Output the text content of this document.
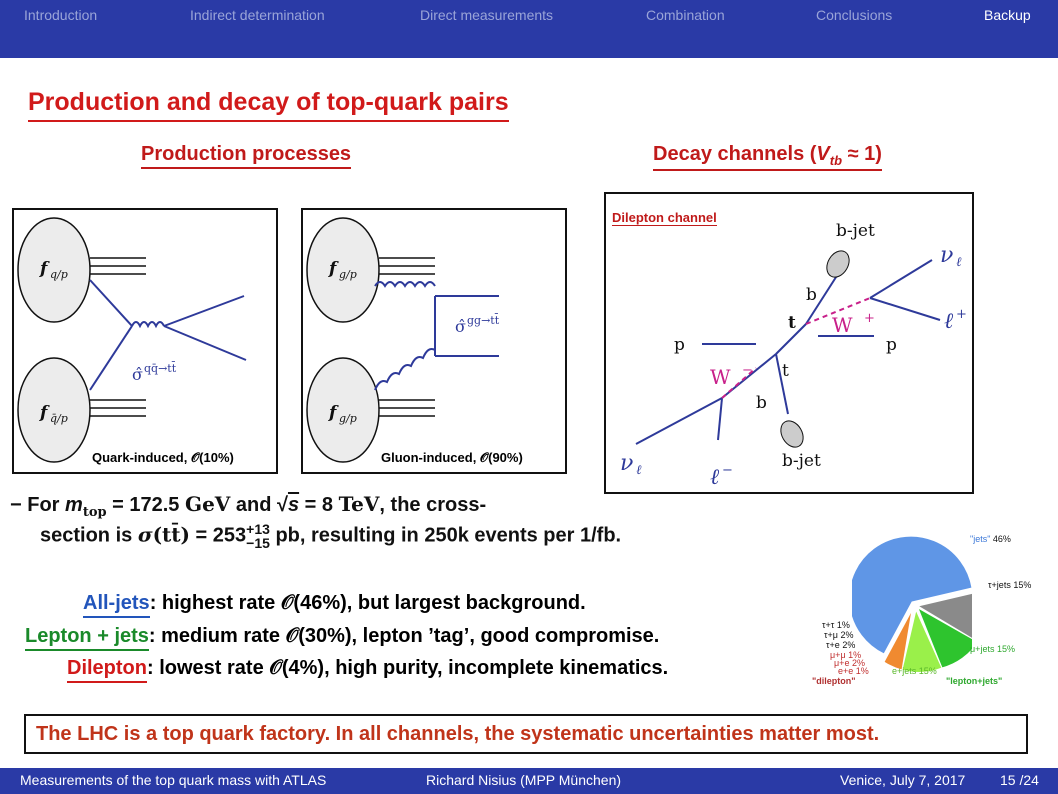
Introduction	Indirect determination	Direct measurements	Combination	Conclusions	Backup
Production and decay of top-quark pairs
Production processes	Decay channels $(V_{tb} \approx 1)$
σ̂ qq̄→tt̄
f q/p
f q̄/p
Quark-induced, 𝒪(10%)
σ̂ gg→tt̄
f g/p
f g/p
Gluon-induced, 𝒪(90%)
b-jet
b-jet
b
b
t
t
p	p
W +
W −
ν ℓ
ν ℓ
ℓ +
ℓ −
Dilepton channel
− For $m_{top} = 172.5$ GeV and √s = 8 TeV, the cross-
section is σ(tt̄) = 253 +13
−15 pb, resulting in 250k events per 1/fb.
All-jets: highest rate 𝒪(46%), but largest background.
Lepton + jets: medium rate 𝒪(30%), lepton ’tag’, good compromise.
Dilepton: lowest rate 𝒪(4%), high purity, incomplete kinematics.
"jets" 46%
τ+jets 15%
μ+jets 15%
e+jets 15%
"dilepton"	"lepton+jets"
τ+τ 1%
τ+μ 2%
τ+e 2%
μ+μ 1%
μ+e 2%
e+e 1%
The LHC is a top quark factory. In all channels, the systematic uncertainties matter most.
Measurements of the top quark mass with ATLAS	Richard Nisius (MPP München)	Venice, July 7, 2017 15 /24
